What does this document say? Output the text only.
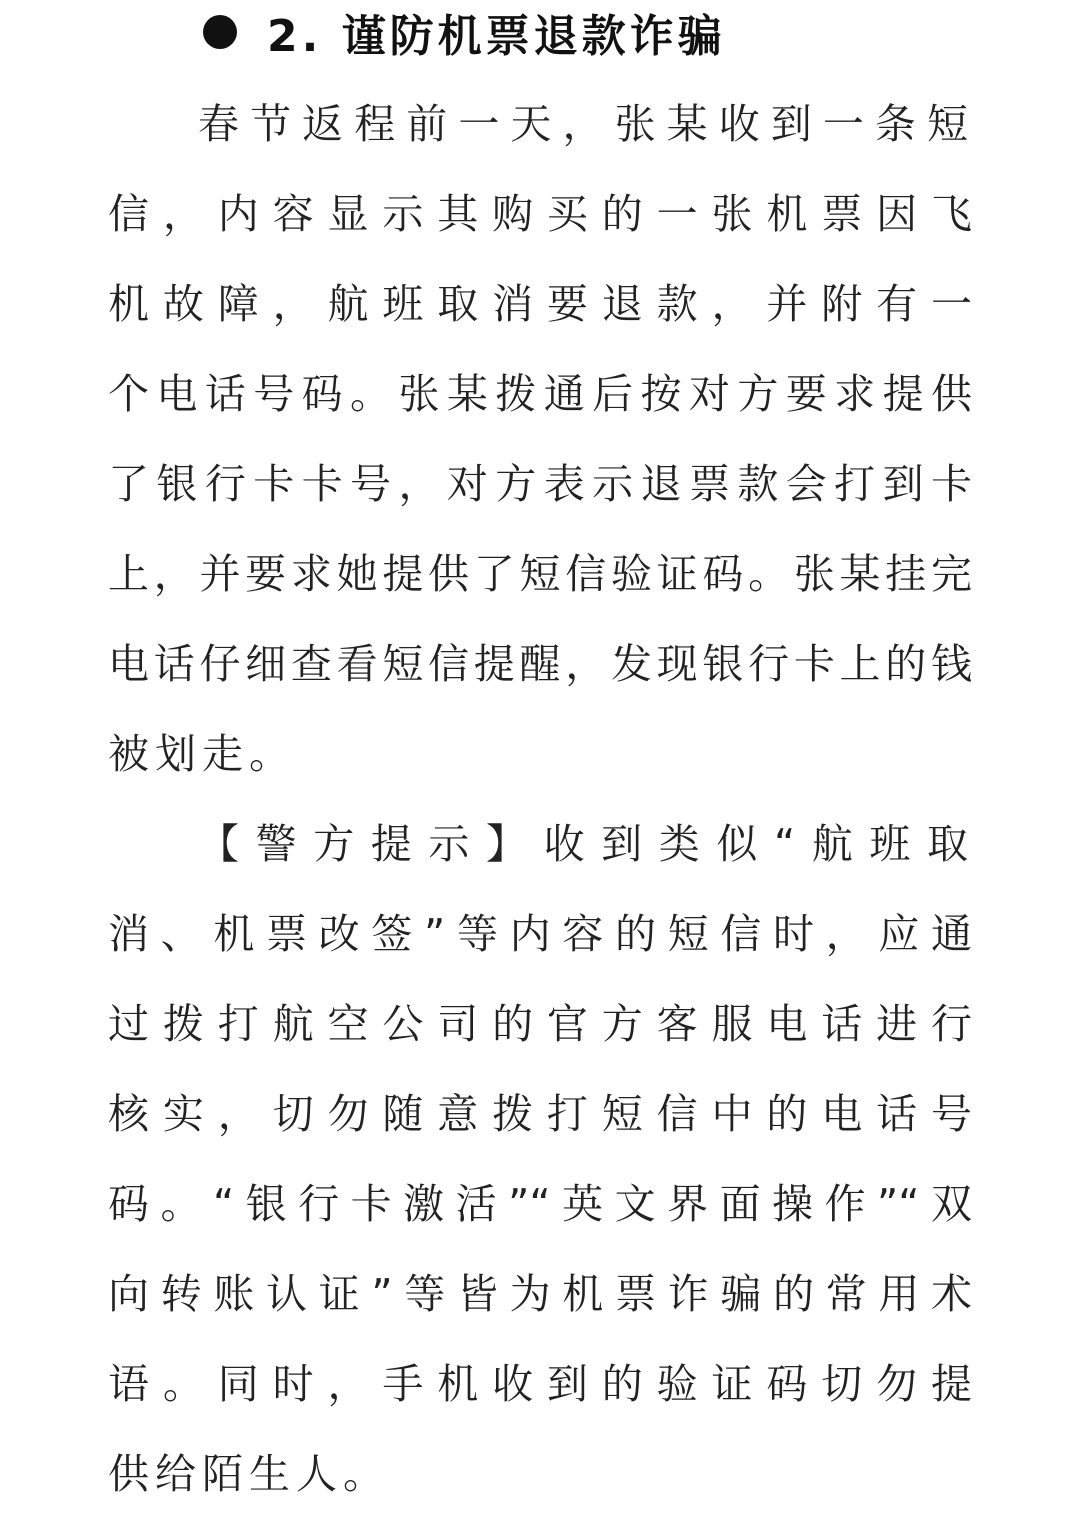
2. 谨防机票退款诈骗
春节返程前一天，张某收到一条短
信，内容显示其购买的一张机票因飞
机故障，航班取消要退款，并附有一
个电话号码。张某拨通后按对方要求提供
了银行卡卡号，对方表示退票款会打到卡
上，并要求她提供了短信验证码。张某挂完
电话仔细查看短信提醒，发现银行卡上的钱
被划走。
【警方提示】收到类似“航班取
消、机票改签”等内容的短信时，应通
过拨打航空公司的官方客服电话进行
核实，切勿随意拨打短信中的电话号
码。“银行卡激活”“英文界面操作”“双
向转账认证”等皆为机票诈骗的常用术
语。同时，手机收到的验证码切勿提
供给陌生人。
